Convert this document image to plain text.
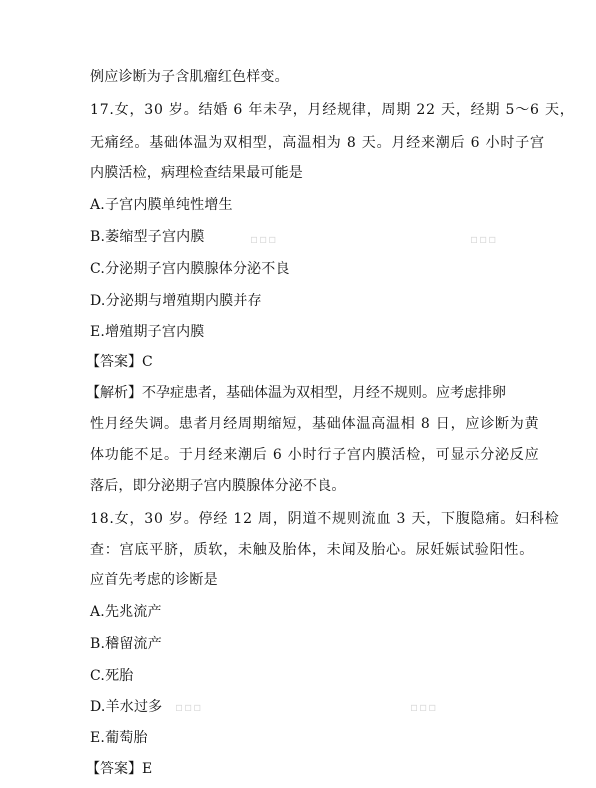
例应诊断为子含肌瘤红色样变。
17.女，30 岁。结婚 6 年未孕，月经规律，周期 22 天，经期 5～6 天，
无痛经。基础体温为双相型，高温相为 8 天。月经来潮后 6 小时子宫
内膜活检，病理检查结果最可能是
A.子宫内膜单纯性增生
B.萎缩型子宫内膜
C.分泌期子宫内膜腺体分泌不良
D.分泌期与增殖期内膜并存
E.增殖期子宫内膜
【答案】C
【解析】不孕症患者，基础体温为双相型，月经不规则。应考虑排卵
性月经失调。患者月经周期缩短，基础体温高温相 8 日，应诊断为黄
体功能不足。于月经来潮后 6 小时行子宫内膜活检，可显示分泌反应
落后，即分泌期子宫内膜腺体分泌不良。
18.女，30 岁。停经 12 周，阴道不规则流血 3 天，下腹隐痛。妇科检
查：宫底平脐，质软，未触及胎体，未闻及胎心。尿妊娠试验阳性。
应首先考虑的诊断是
A.先兆流产
B.稽留流产
C.死胎
D.羊水过多
E.葡萄胎
【答案】E
▫▫▫	▫▫▫
▫▫▫	▫▫▫
